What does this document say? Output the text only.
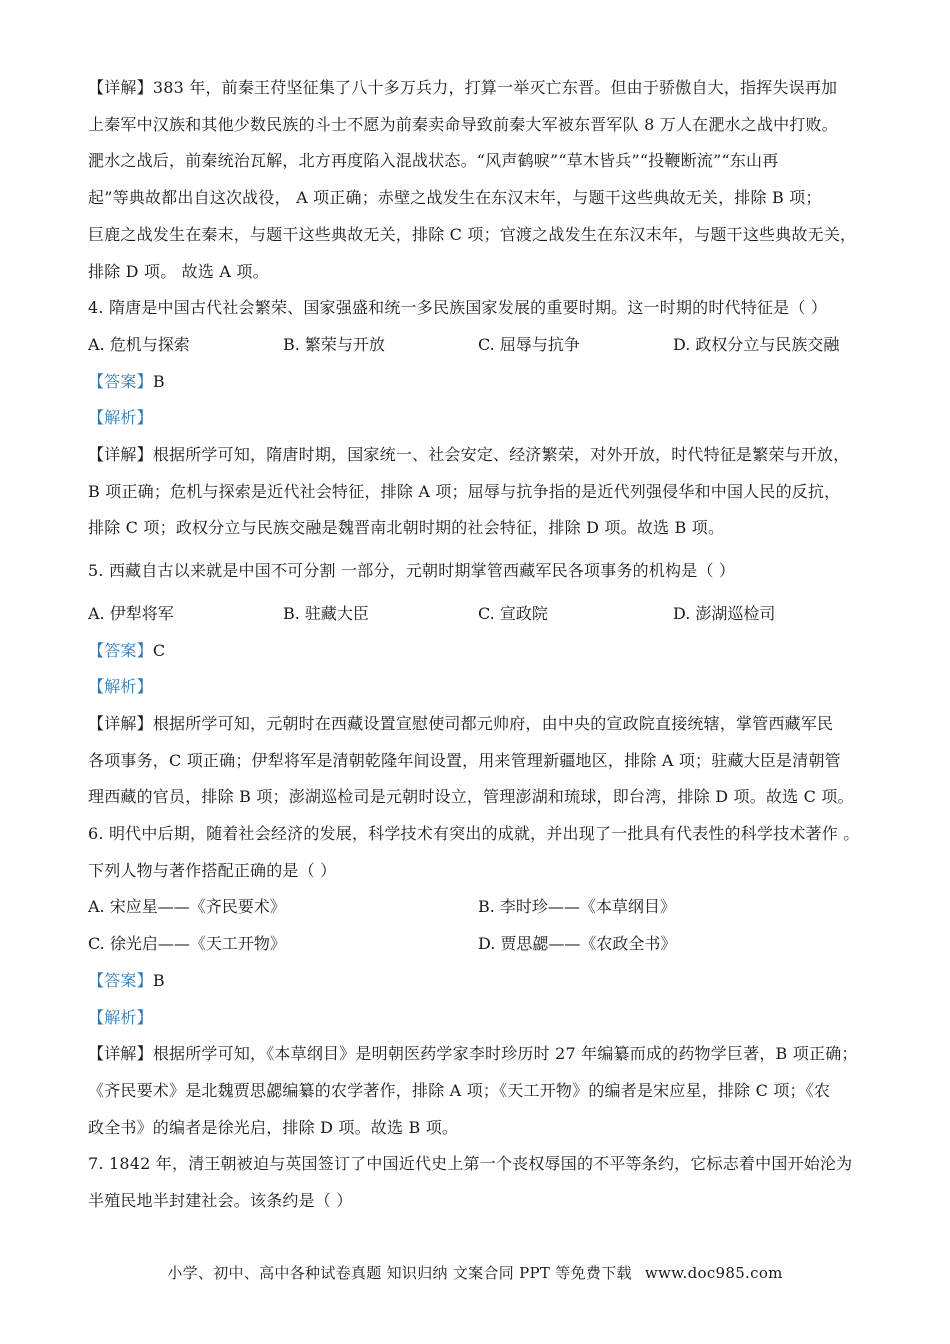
【详解】383 年，前秦王苻坚征集了八十多万兵力，打算一举灭亡东晋。但由于骄傲自大，指挥失误再加
上秦军中汉族和其他少数民族的斗士不愿为前秦卖命导致前秦大军被东晋军队 8 万人在淝水之战中打败。
淝水之战后，前秦统治瓦解，北方再度陷入混战状态。“风声鹤唳”“草木皆兵”“投鞭断流”“东山再
起”等典故都出自这次战役， A 项正确；赤壁之战发生在东汉末年，与题干这些典故无关，排除 B 项；
巨鹿之战发生在秦末，与题干这些典故无关，排除 C 项；官渡之战发生在东汉末年，与题干这些典故无关，
排除 D 项。 故选 A 项。
4. 隋唐是中国古代社会繁荣、国家强盛和统一多民族国家发展的重要时期。这一时期的时代特征是（ ）
A. 危机与探索	B. 繁荣与开放	C. 屈辱与抗争	D. 政权分立与民族交融
【答案】B
【解析】
【详解】根据所学可知，隋唐时期，国家统一、社会安定、经济繁荣，对外开放，时代特征是繁荣与开放，
B 项正确；危机与探索是近代社会特征，排除 A 项；屈辱与抗争指的是近代列强侵华和中国人民的反抗，
排除 C 项；政权分立与民族交融是魏晋南北朝时期的社会特征，排除 D 项。故选 B 项。
5. 西藏自古以来就是中国不可分割 一部分，元朝时期掌管西藏军民各项事务的机构是（ ）
A. 伊犁将军	B. 驻藏大臣	C. 宣政院	D. 澎湖巡检司
【答案】C
【解析】
【详解】根据所学可知，元朝时在西藏设置宣慰使司都元帅府，由中央的宣政院直接统辖，掌管西藏军民
各项事务，C 项正确；伊犁将军是清朝乾隆年间设置，用来管理新疆地区，排除 A 项；驻藏大臣是清朝管
理西藏的官员，排除 B 项；澎湖巡检司是元朝时设立，管理澎湖和琉球，即台湾，排除 D 项。故选 C 项。
6. 明代中后期，随着社会经济的发展，科学技术有突出的成就，并出现了一批具有代表性的科学技术著作 。
下列人物与著作搭配正确的是（ ）
A. 宋应星——《齐民要术》	B. 李时珍——《本草纲目》
C. 徐光启——《天工开物》	D. 贾思勰——《农政全书》
【答案】B
【解析】
【详解】根据所学可知，《本草纲目》是明朝医药学家李时珍历时 27 年编纂而成的药物学巨著，B 项正确；
《齐民要术》是北魏贾思勰编纂的农学著作，排除 A 项；《天工开物》的编者是宋应星，排除 C 项；《农
政全书》的编者是徐光启，排除 D 项。故选 B 项。
7. 1842 年，清王朝被迫与英国签订了中国近代史上第一个丧权辱国的不平等条约，它标志着中国开始沦为
半殖民地半封建社会。该条约是（ ）
小学、初中、高中各种试卷真题 知识归纳 文案合同 PPT 等免费下载 www.doc985.com
